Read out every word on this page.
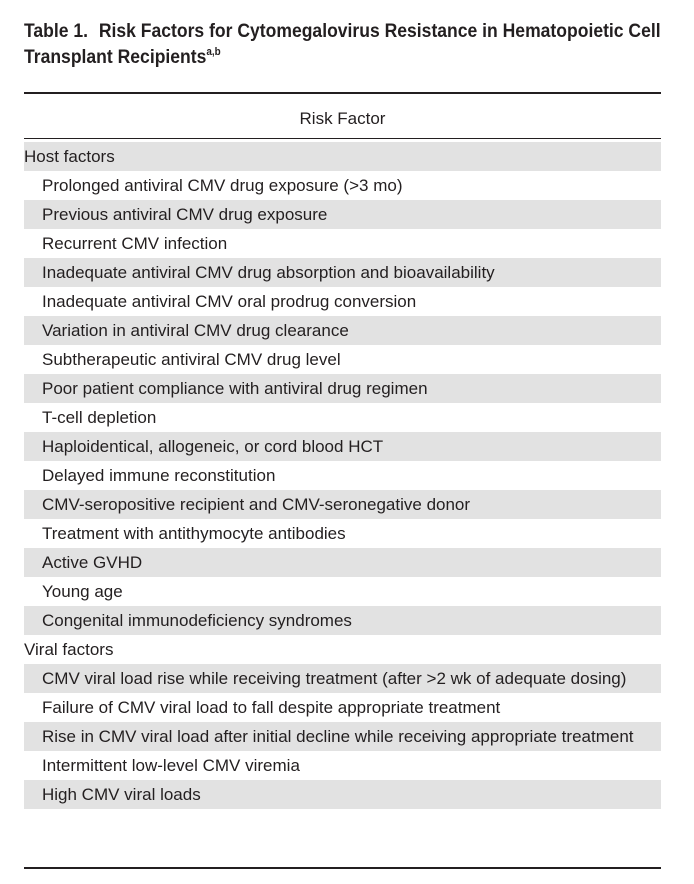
Table 1. Risk Factors for Cytomegalovirus Resistance in Hematopoietic Cell Transplant Recipients$^{a,b}$
Risk Factor
Host factors
Prolonged antiviral CMV drug exposure (>3 mo)
Previous antiviral CMV drug exposure
Recurrent CMV infection
Inadequate antiviral CMV drug absorption and bioavailability
Inadequate antiviral CMV oral prodrug conversion
Variation in antiviral CMV drug clearance
Subtherapeutic antiviral CMV drug level
Poor patient compliance with antiviral drug regimen
T-cell depletion
Haploidentical, allogeneic, or cord blood HCT
Delayed immune reconstitution
CMV-seropositive recipient and CMV-seronegative donor
Treatment with antithymocyte antibodies
Active GVHD
Young age
Congenital immunodeficiency syndromes
Viral factors
CMV viral load rise while receiving treatment (after >2 wk of adequate dosing)
Failure of CMV viral load to fall despite appropriate treatment
Rise in CMV viral load after initial decline while receiving appropriate treatment
Intermittent low-level CMV viremia
High CMV viral loads
